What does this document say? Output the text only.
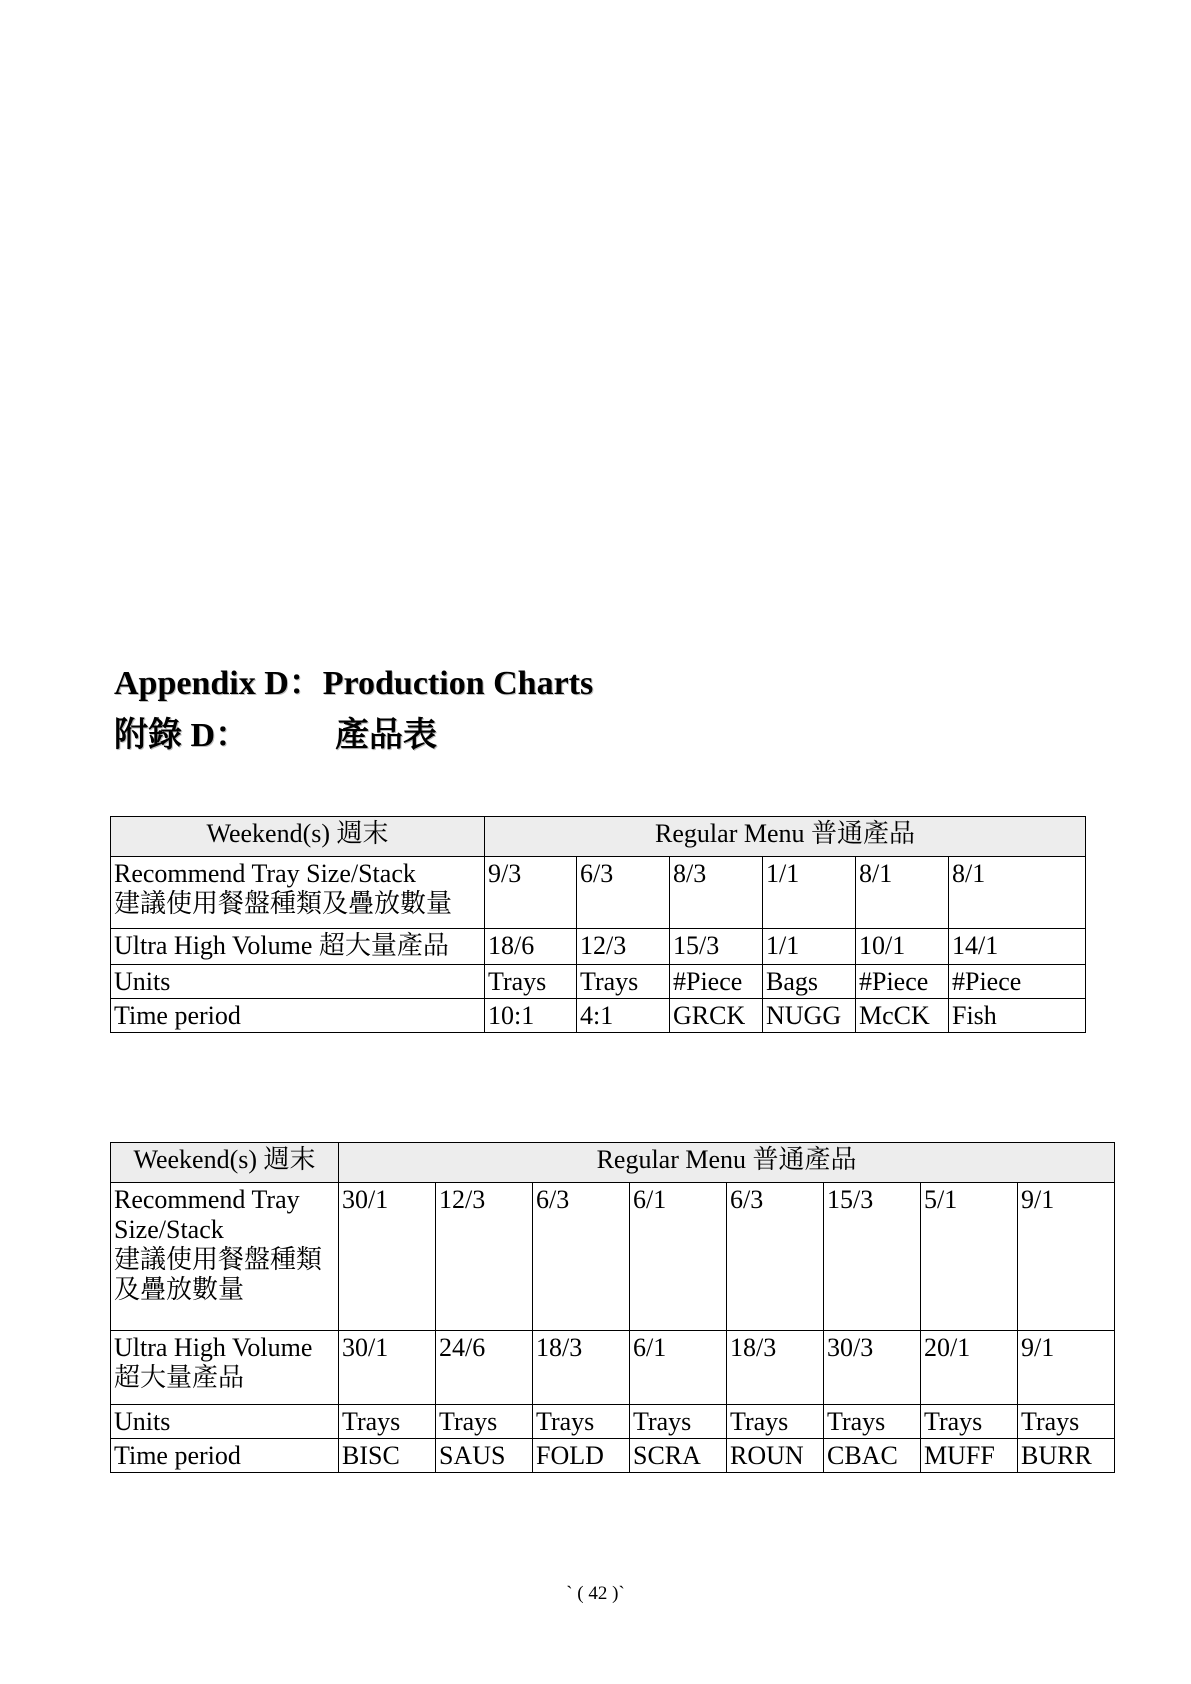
Appendix D：Production Charts
附錄 D：	產品表
Weekend(s) 週末	Regular Menu 普通產品					

Recommend Tray Size/Stack
建議使用餐盤種類及疊放數量	9/3	6/3	8/3	1/1	8/1	8/1
Ultra High Volume 超大量產品	18/6	12/3	15/3	1/1	10/1	14/1
Units	Trays	Trays	#Piece	Bags	#Piece	#Piece
Time period	10:1	4:1	GRCK	NUGG	McCK	Fish
Weekend(s) 週末	Regular Menu 普通產品							

Recommend Tray Size/Stack
建議使用餐盤種類及疊放數量	30/1	12/3	6/3	6/1	6/3	15/3	5/1	9/1

Ultra High Volume
超大量產品	30/1	24/6	18/3	6/1	18/3	30/3	20/1	9/1
Units	Trays	Trays	Trays	Trays	Trays	Trays	Trays	Trays
Time period	BISC	SAUS	FOLD	SCRA	ROUN	CBAC	MUFF	BURR
` ( 42 )`
